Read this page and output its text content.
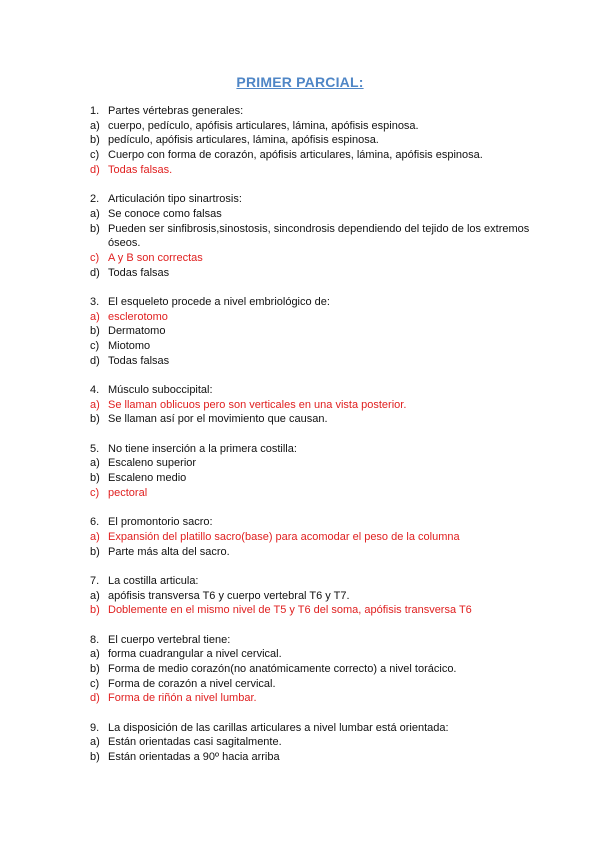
PRIMER PARCIAL:
1. Partes vértebras generales:
a) cuerpo, pedículo, apófisis articulares, lámina, apófisis espinosa.
b) pedículo, apófisis articulares, lámina, apófisis espinosa.
c) Cuerpo con forma de corazón, apófisis articulares, lámina, apófisis espinosa.
d) Todas falsas.
2. Articulación tipo sinartrosis:
a) Se conoce como falsas
b) Pueden ser sinfibrosis,sinostosis, sincondrosis dependiendo del tejido de los extremos óseos.
c) A y B son correctas
d) Todas falsas
3. El esqueleto procede a nivel embriológico de:
a) esclerotomo
b) Dermatomo
c) Miotomo
d) Todas falsas
4. Músculo suboccipital:
a) Se llaman oblicuos pero son verticales en una vista posterior.
b) Se llaman así por el movimiento que causan.
5. No tiene inserción a la primera costilla:
a) Escaleno superior
b) Escaleno medio
c) pectoral
6. El promontorio sacro:
a) Expansión del platillo sacro(base) para acomodar el peso de la columna
b) Parte más alta del sacro.
7. La costilla articula:
a) apófisis transversa T6 y cuerpo vertebral T6 y T7.
b) Doblemente en el mismo nivel de T5 y T6 del soma, apófisis transversa T6
8. El cuerpo vertebral tiene:
a) forma cuadrangular a nivel cervical.
b) Forma de medio corazón(no anatómicamente correcto) a nivel torácico.
c) Forma de corazón a nivel cervical.
d) Forma de riñón a nivel lumbar.
9. La disposición de las carillas articulares a nivel lumbar está orientada:
a) Están orientadas casi sagitalmente.
b) Están orientadas a 90º hacia arriba
